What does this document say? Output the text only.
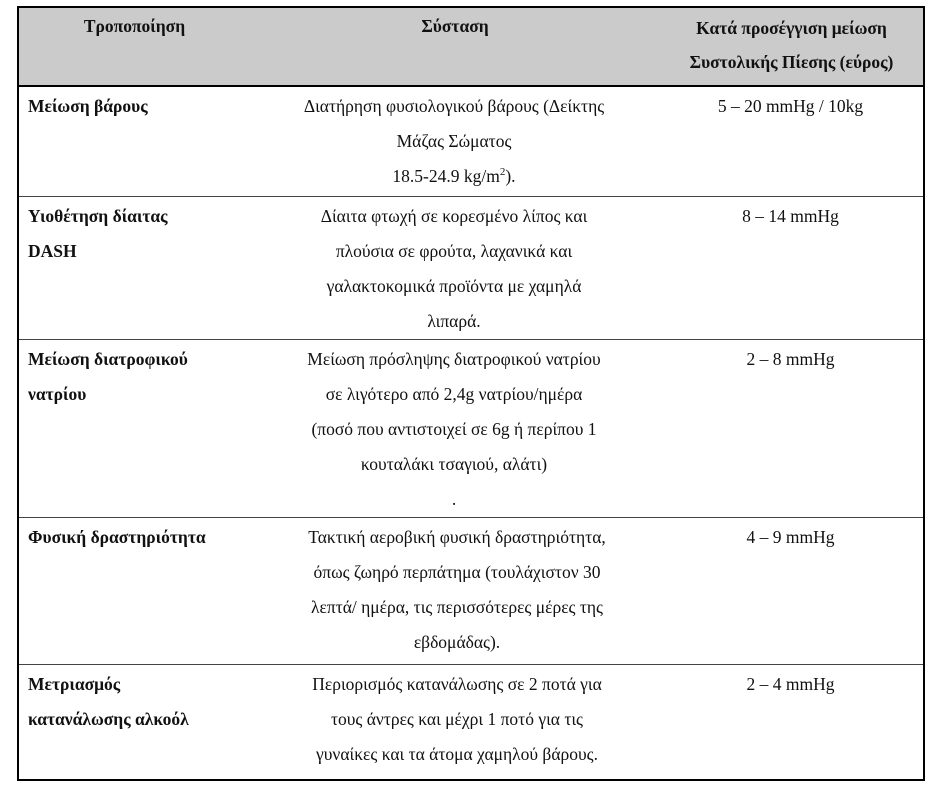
Τροποποίηση	Σύσταση	Κατά προσέγγιση μείωση
Συστολικής Πίεσης (εύρος)

Μείωση βάρους	Διατήρηση φυσιολογικού βάρους (Δείκτης
Μάζας Σώματος
18.5-24.9 $kg/m^2$).	5 – 20 mmHg / 10kg

Υιοθέτηση δίαιτας
DASH	Δίαιτα φτωχή σε κορεσμένο λίπος και
πλούσια σε φρούτα, λαχανικά και
γαλακτοκομικά προϊόντα με χαμηλά
λιπαρά.	8 – 14 mmHg

Μείωση διατροφικού
νατρίου	Μείωση πρόσληψης διατροφικού νατρίου
σε λιγότερο από 2,4g νατρίου/ημέρα
(ποσό που αντιστοιχεί σε 6g ή περίπου 1
κουταλάκι τσαγιού, αλάτι)
.	2 – 8 mmHg

Φυσική δραστηριότητα	Τακτική αεροβική φυσική δραστηριότητα,
όπως ζωηρό περπάτημα (τουλάχιστον 30
λεπτά/ ημέρα, τις περισσότερες μέρες της
εβδομάδας).	4 – 9 mmHg

Μετριασμός
κατανάλωσης αλκοόλ	Περιορισμός κατανάλωσης σε 2 ποτά για
τους άντρες και μέχρι 1 ποτό για τις
γυναίκες και τα άτομα χαμηλού βάρους.	2 – 4 mmHg
